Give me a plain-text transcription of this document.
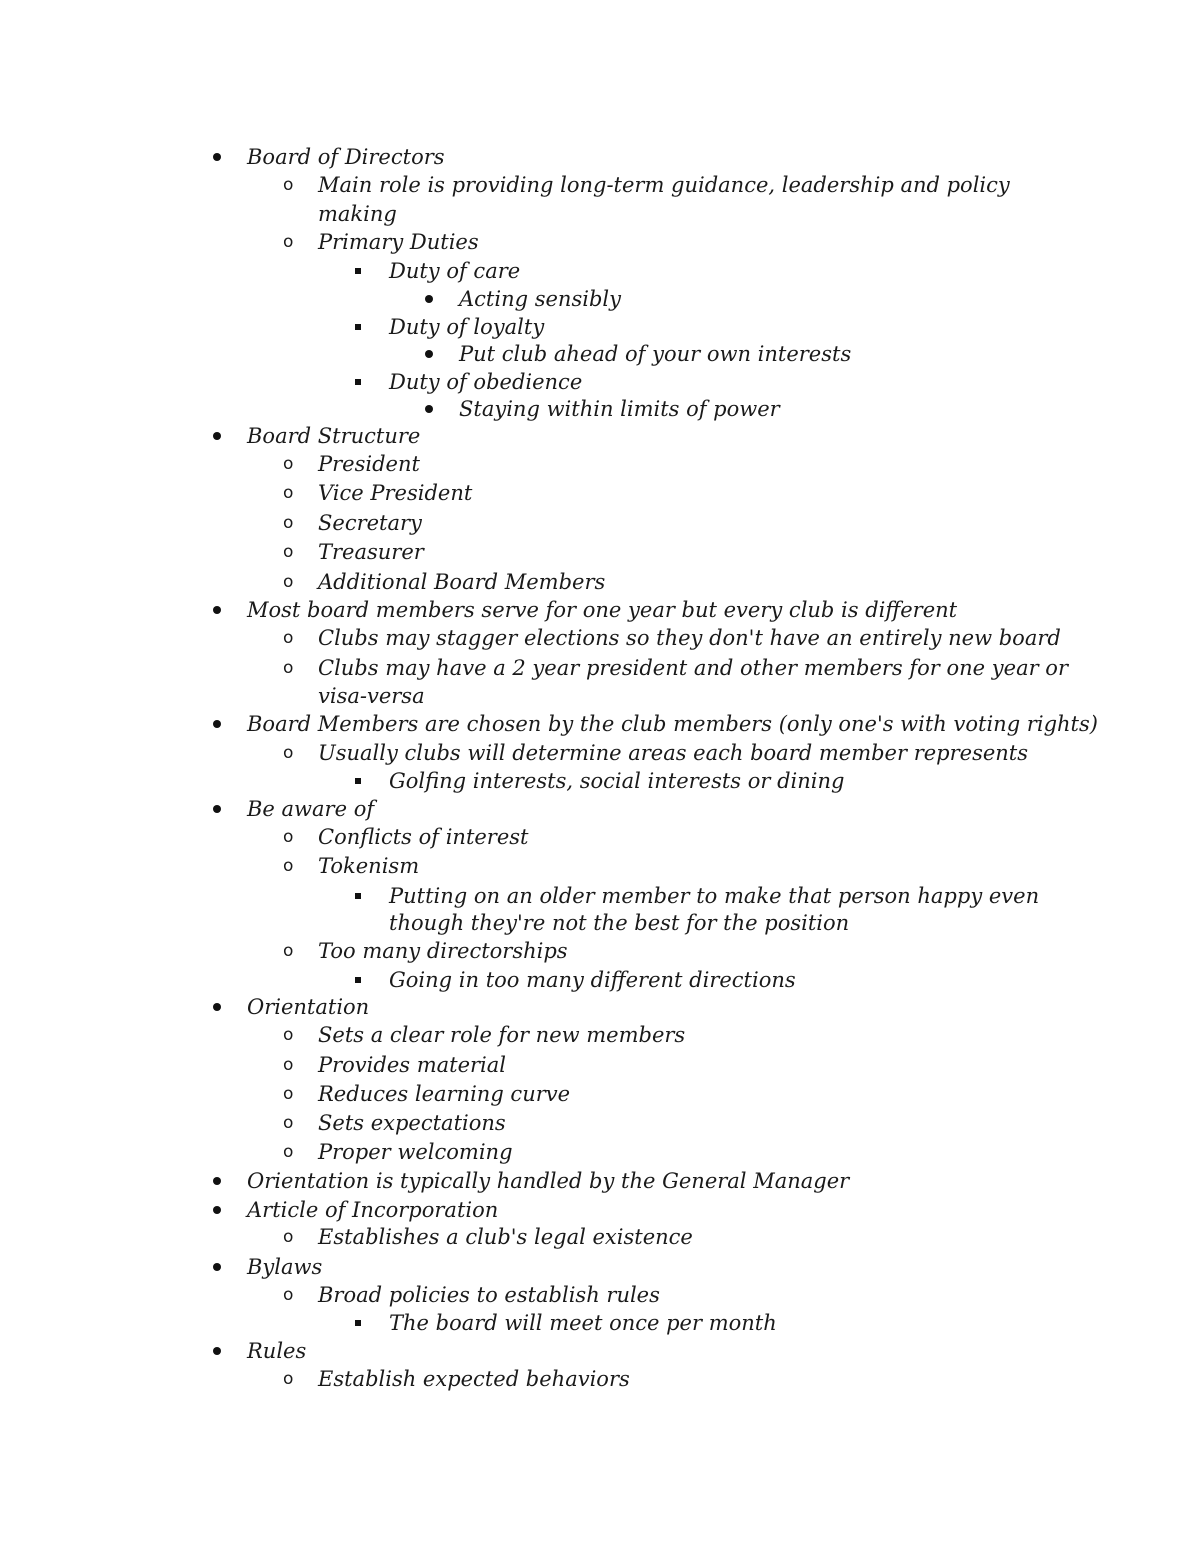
Board of Directors
o Main role is providing long-term guidance, leadership and policy
making
o Primary Duties
Duty of care
Acting sensibly
Duty of loyalty
Put club ahead of your own interests
Duty of obedience
Staying within limits of power
Board Structure
o President
o Vice President
o Secretary
o Treasurer
o Additional Board Members
Most board members serve for one year but every club is different
o Clubs may stagger elections so they don't have an entirely new board
o Clubs may have a 2 year president and other members for one year or
visa-versa
Board Members are chosen by the club members (only one's with voting rights)
o Usually clubs will determine areas each board member represents
Golfing interests, social interests or dining
Be aware of
o Conflicts of interest
o Tokenism
Putting on an older member to make that person happy even
though they're not the best for the position
o Too many directorships
Going in too many different directions
Orientation
o Sets a clear role for new members
o Provides material
o Reduces learning curve
o Sets expectations
o Proper welcoming
Orientation is typically handled by the General Manager
Article of Incorporation
o Establishes a club's legal existence
Bylaws
o Broad policies to establish rules
The board will meet once per month
Rules
o Establish expected behaviors
